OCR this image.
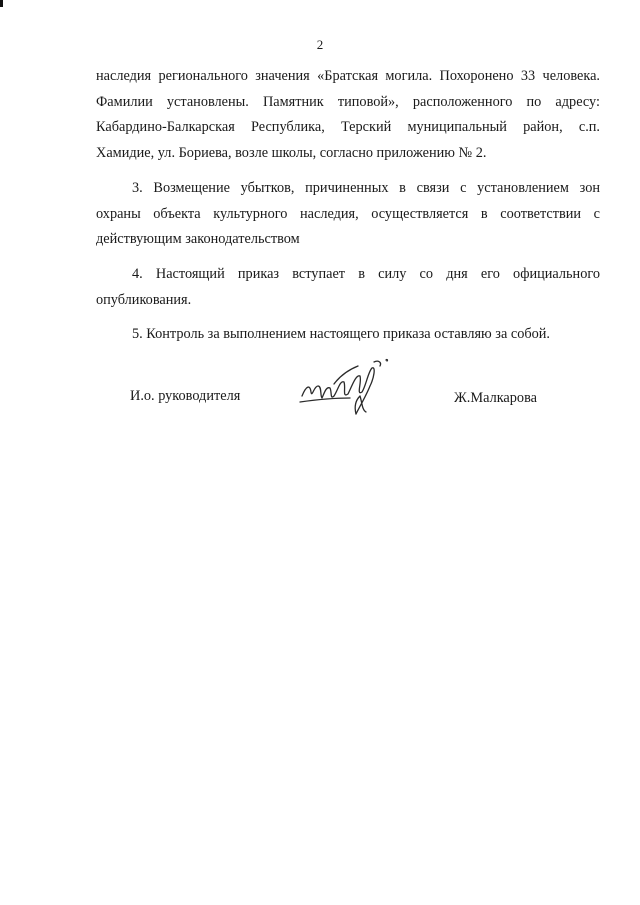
2

наследия регионального значения «Братская могила. Похоронено 33 человека.

Фамилии установлены. Памятник типовой», расположенного по адресу:

Кабардино-Балкарская Республика, Терский муниципальный район, с.п.

Хамидие, ул. Бориева, возле школы, согласно приложению № 2.

3. Возмещение убытков, причиненных в связи с установлением зон

охраны объекта культурного наследия, осуществляется в соответствии с

действующим законодательством

4. Настоящий приказ вступает в силу со дня его официального

опубликования.

5. Контроль за выполнением настоящего приказа оставляю за собой.

И.о. руководителя	Ж.Малкарова
